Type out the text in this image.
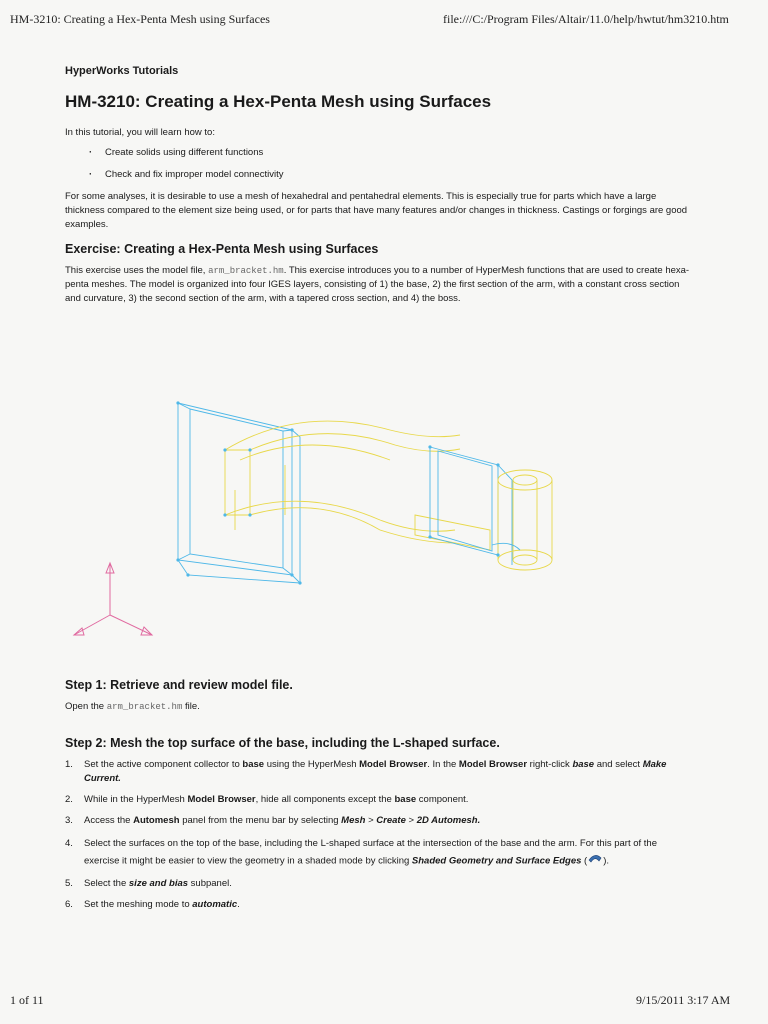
HM-3210: Creating a Hex-Penta Mesh using Surfaces	file:///C:/Program Files/Altair/11.0/help/hwtut/hm3210.htm

HyperWorks Tutorials

HM-3210: Creating a Hex-Penta Mesh using Surfaces

In this tutorial, you will learn how to:

· Create solids using different functions
· Check and fix improper model connectivity

For some analyses, it is desirable to use a mesh of hexahedral and pentahedral elements. This is especially true for parts which have a large thickness compared to the element size being used, or for parts that have many features and/or changes in thickness. Castings or forgings are good examples.

Exercise: Creating a Hex-Penta Mesh using Surfaces

This exercise uses the model file, arm_bracket.hm. This exercise introduces you to a number of HyperMesh functions that are used to create hexa-penta meshes. The model is organized into four IGES layers, consisting of 1) the base, 2) the first section of the arm, with a constant cross section and curvature, 3) the second section of the arm, with a tapered cross section, and 4) the boss.

Step 1: Retrieve and review model file.

Open the arm_bracket.hm file.

Step 2: Mesh the top surface of the base, including the L-shaped surface.
1. Set the active component collector to base using the HyperMesh Model Browser. In the Model Browser right-click base and select Make Current.
2. While in the HyperMesh Model Browser, hide all components except the base component.
3. Access the Automesh panel from the menu bar by selecting Mesh > Create > 2D Automesh.
4. Select the surfaces on the top of the base, including the L-shaped surface at the intersection of the base and the arm. For this part of the exercise it might be easier to view the geometry in a shaded mode by clicking Shaded Geometry and Surface Edges ( ).
5. Select the size and bias subpanel.
6. Set the meshing mode to automatic.
1 of 11	9/15/2011 3:17 AM
